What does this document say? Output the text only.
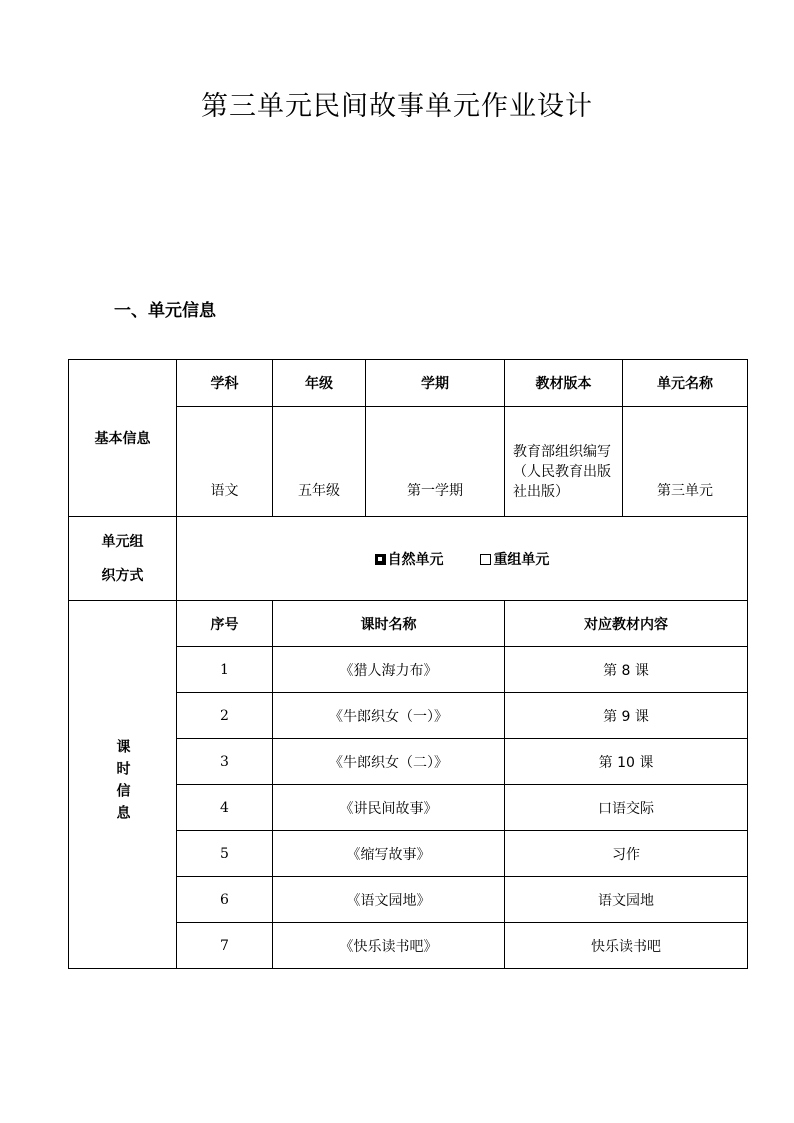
第三单元民间故事单元作业设计
一、单元信息
基本信息	学科	年级	学期	教材版本	单元名称
	语文	五年级	第一学期	教育部组织编写（人民教育出版社出版）	第三单元
单元组
织方式	自然单元 重组单元				
课时信息	序号	课时名称		对应教材内容	
	1	《猎人海力布》		第 8 课	
	2	《牛郎织女（一）》		第 9 课	
	3	《牛郎织女（二）》		第 10 课	
	4	《讲民间故事》		口语交际	
	5	《缩写故事》		习作	
	6	《语文园地》		语文园地	
	7	《快乐读书吧》		快乐读书吧	
